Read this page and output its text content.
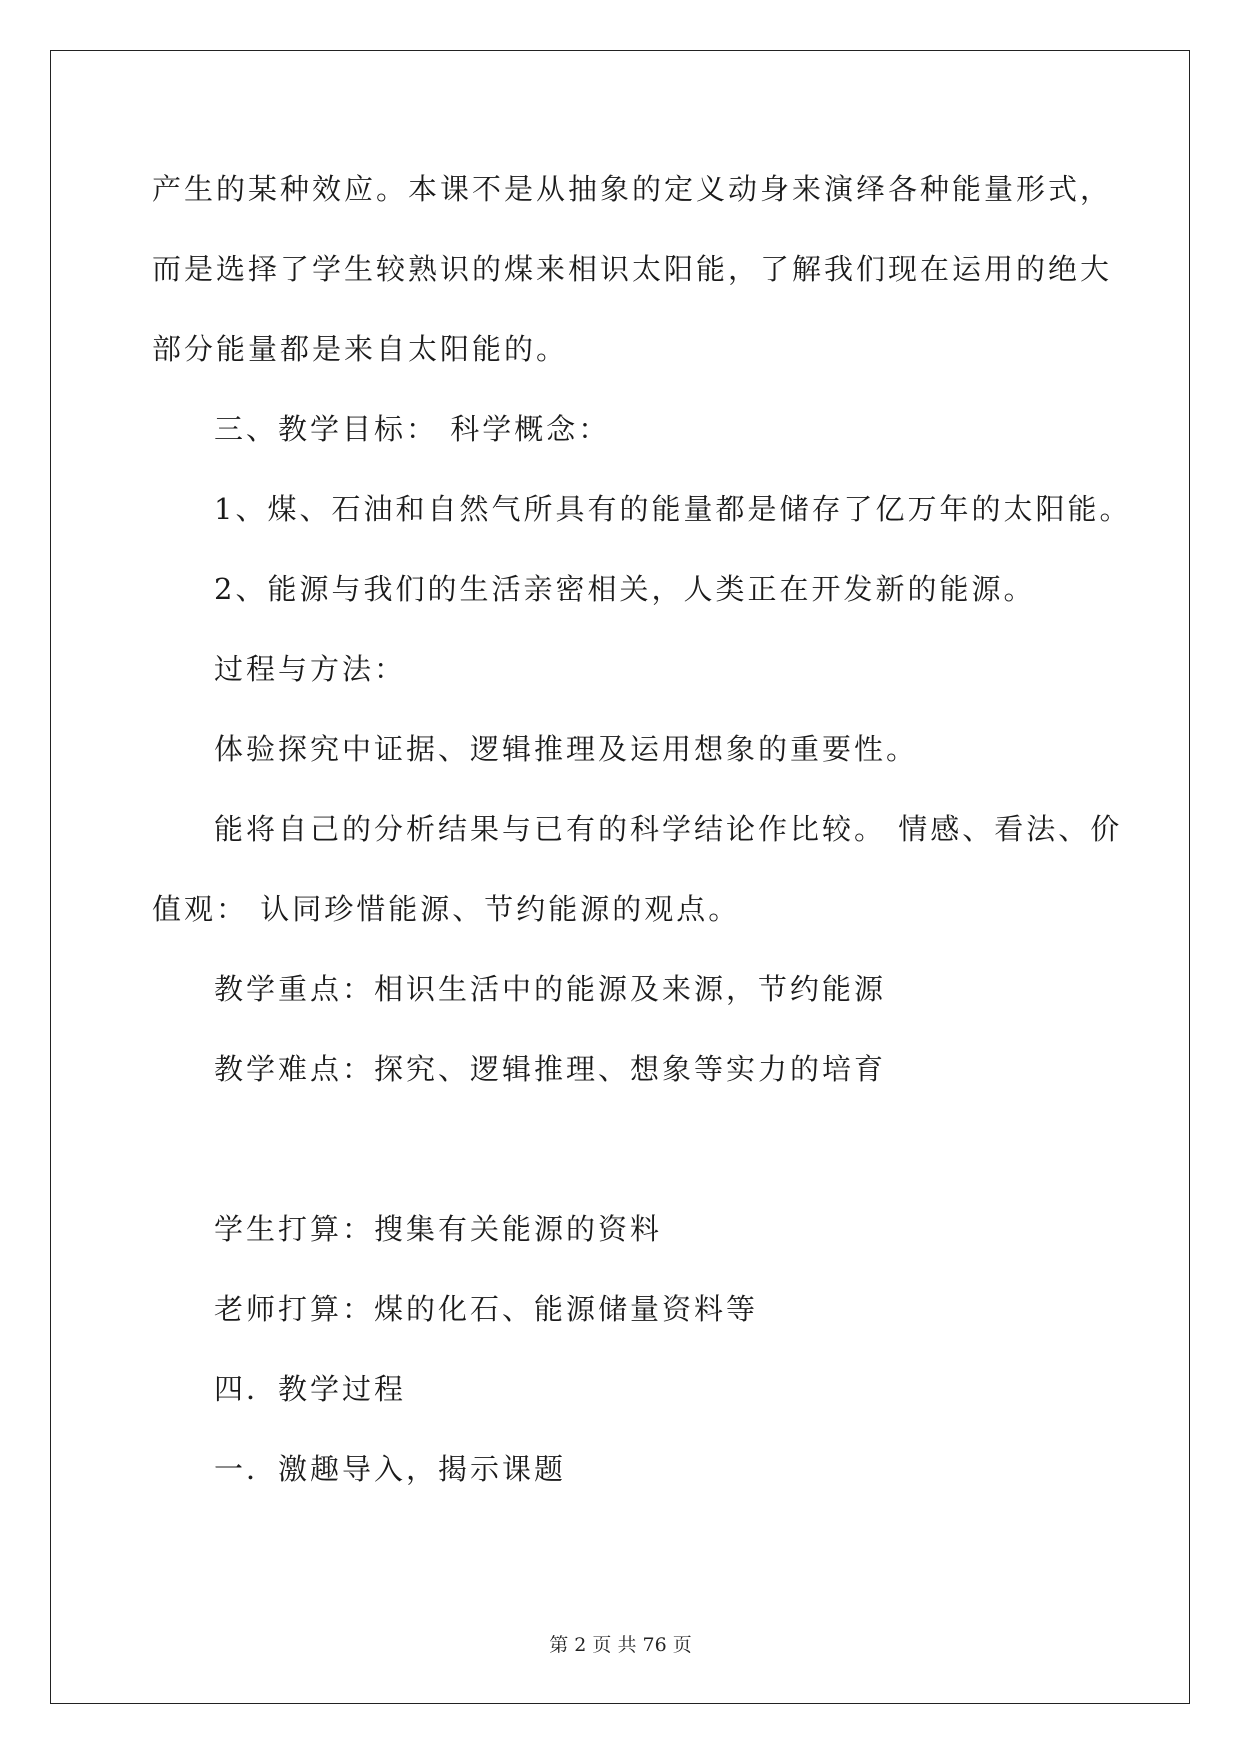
产生的某种效应。本课不是从抽象的定义动身来演绎各种能量形式，
而是选择了学生较熟识的煤来相识太阳能，了解我们现在运用的绝大
部分能量都是来自太阳能的。
三、教学目标： 科学概念：
1、煤、石油和自然气所具有的能量都是储存了亿万年的太阳能。
2、能源与我们的生活亲密相关，人类正在开发新的能源。
过程与方法：
体验探究中证据、逻辑推理及运用想象的重要性。
能将自己的分析结果与已有的科学结论作比较。 情感、看法、价
值观： 认同珍惜能源、节约能源的观点。
教学重点：相识生活中的能源及来源，节约能源
教学难点：探究、逻辑推理、想象等实力的培育
学生打算：搜集有关能源的资料
老师打算：煤的化石、能源储量资料等
四．教学过程
一．激趣导入，揭示课题
第 2 页 共 76 页
